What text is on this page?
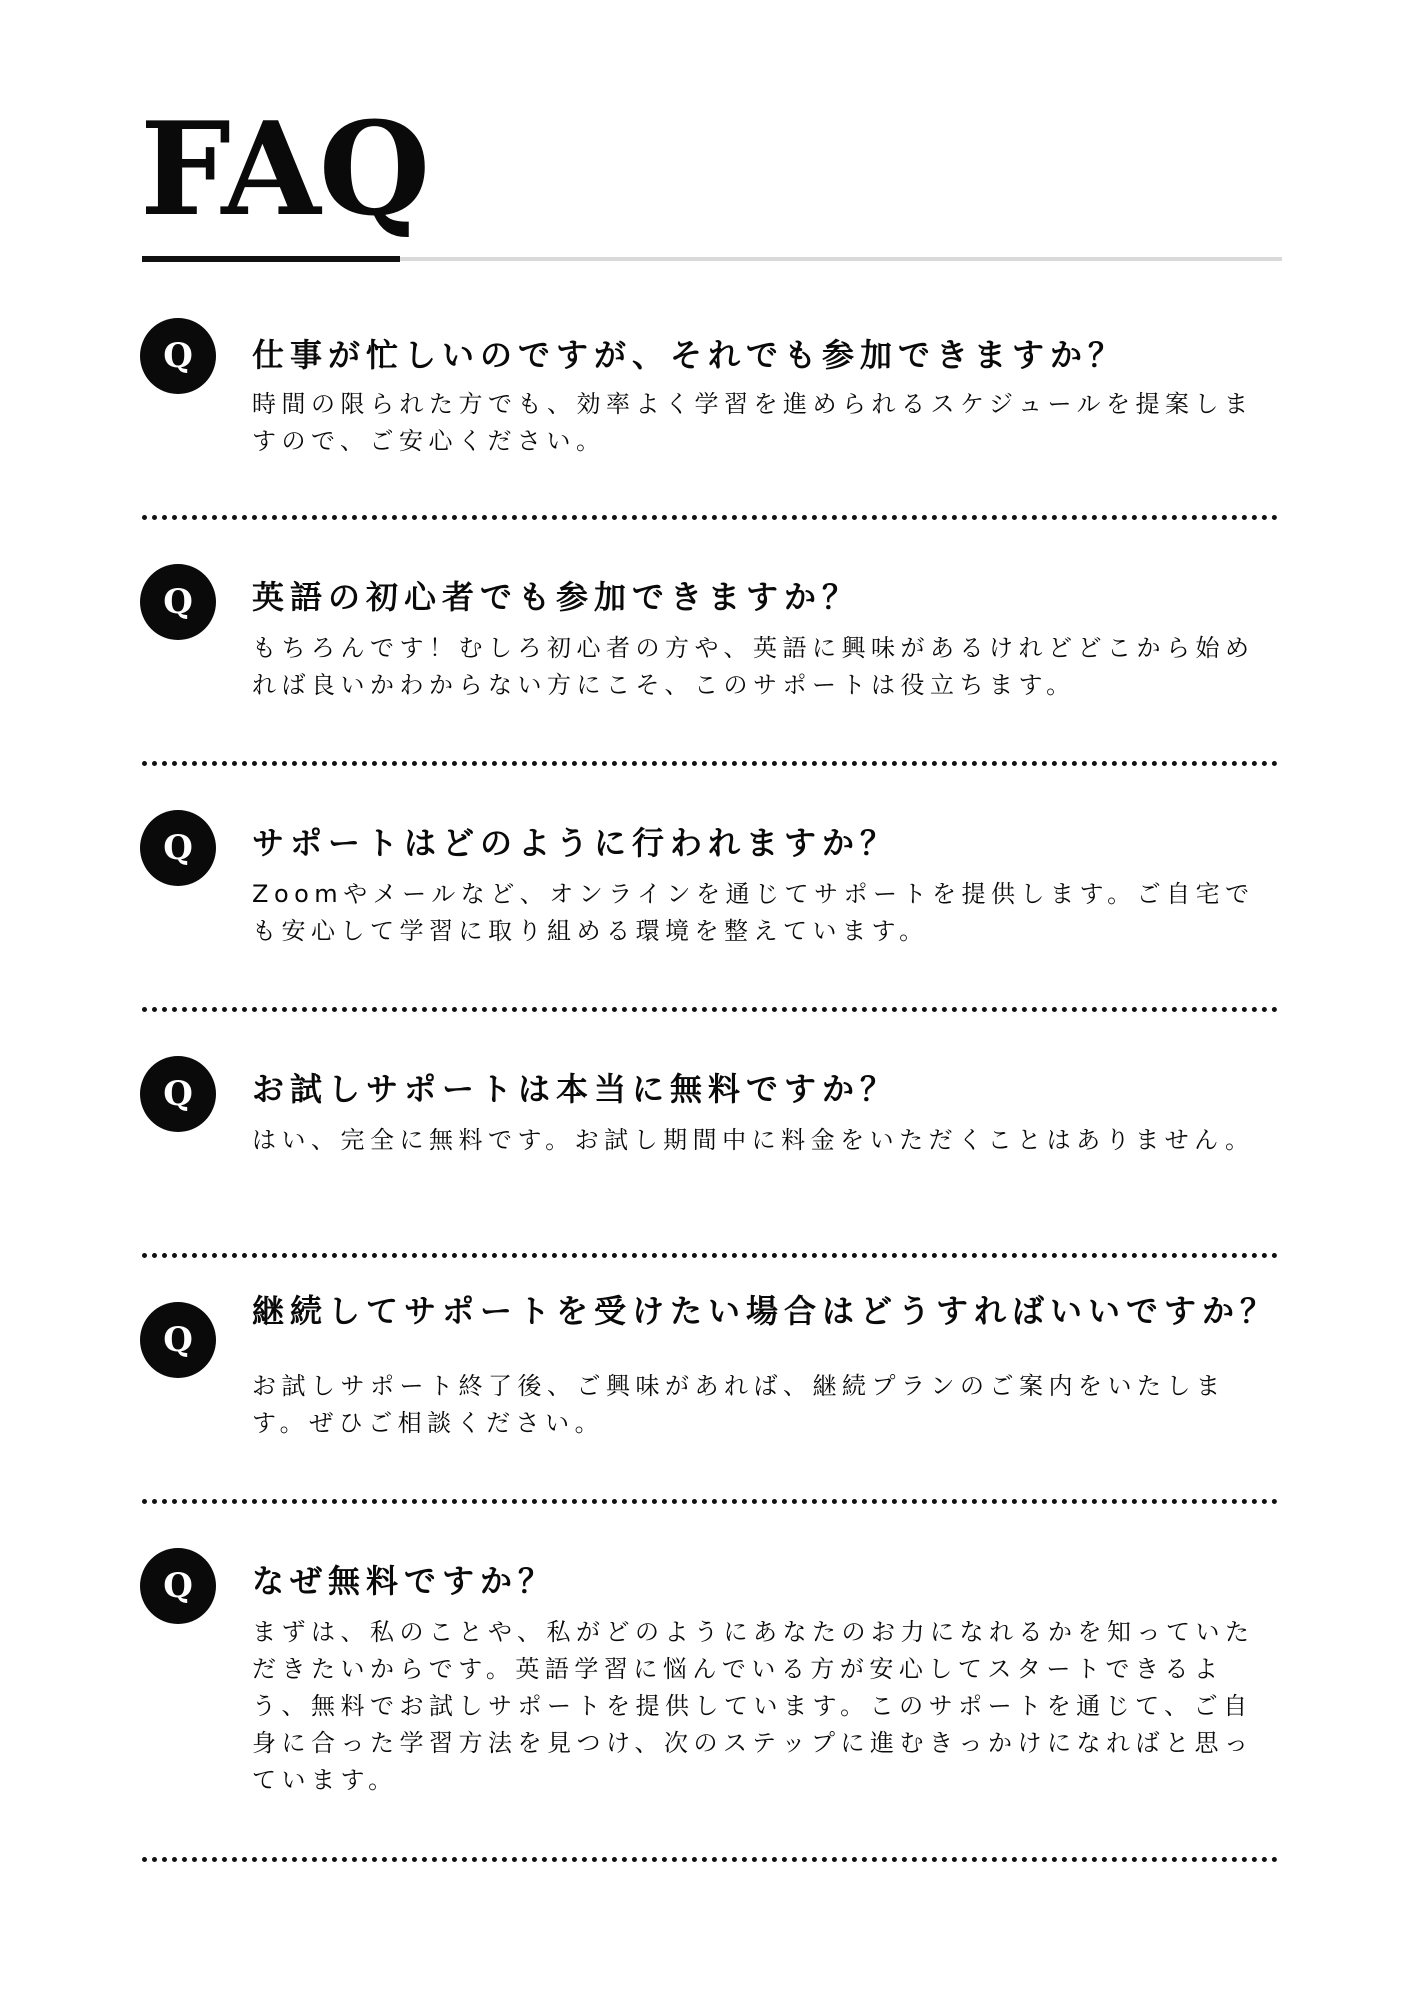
FAQ
Q	仕事が忙しいのですが、それでも参加できますか？

時間の限られた方でも、効率よく学習を進められるスケジュールを提案しますので、ご安心ください。

Q	英語の初心者でも参加できますか？

もちろんです！むしろ初心者の方や、英語に興味があるけれどどこから始めれば良いかわからない方にこそ、このサポートは役立ちます。

Q	サポートはどのように行われますか？

Zoomやメールなど、オンラインを通じてサポートを提供します。ご自宅でも安心して学習に取り組める環境を整えています。

Q	お試しサポートは本当に無料ですか？

はい、完全に無料です。お試し期間中に料金をいただくことはありません。

Q

継続してサポートを受けたい場合はどうすればいいですか？

お試しサポート終了後、ご興味があれば、継続プランのご案内をいたします。ぜひご相談ください。

Q	なぜ無料ですか？

まずは、私のことや、私がどのようにあなたのお力になれるかを知っていただきたいからです。英語学習に悩んでいる方が安心してスタートできるよう、無料でお試しサポートを提供しています。このサポートを通じて、ご自身に合った学習方法を見つけ、次のステップに進むきっかけになればと思っています。
